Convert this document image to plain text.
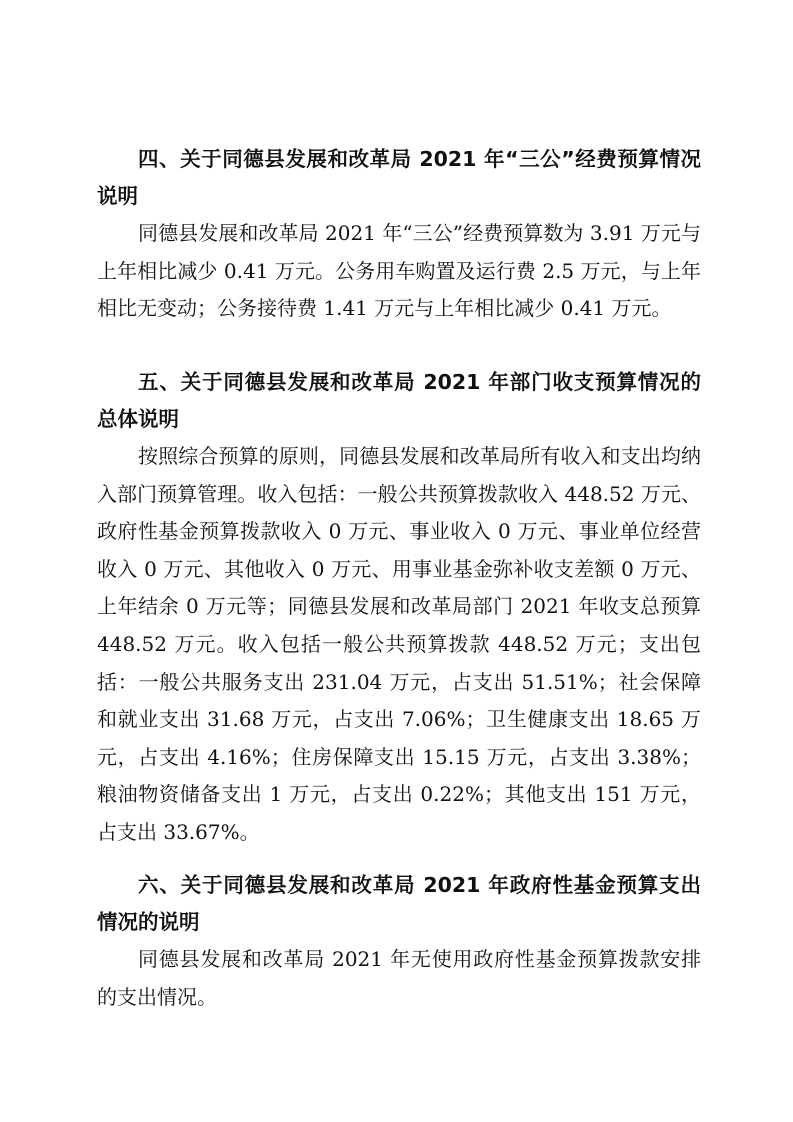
四、关于同德县发展和改革局 2021 年“三公”经费预算情况说明

同德县发展和改革局 2021 年“三公”经费预算数为 3.91 万元与上年相比减少 0.41 万元。公务用车购置及运行费 2.5 万元，与上年相比无变动；公务接待费 1.41 万元与上年相比减少 0.41 万元。

五、关于同德县发展和改革局 2021 年部门收支预算情况的总体说明

按照综合预算的原则，同德县发展和改革局所有收入和支出均纳入部门预算管理。收入包括：一般公共预算拨款收入 448.52 万元、政府性基金预算拨款收入 0 万元、事业收入 0 万元、事业单位经营收入 0 万元、其他收入 0 万元、用事业基金弥补收支差额 0 万元、上年结余 0 万元等；同德县发展和改革局部门 2021 年收支总预算 448.52 万元。收入包括一般公共预算拨款 448.52 万元；支出包括：一般公共服务支出 231.04 万元，占支出 51.51%；社会保障和就业支出 31.68 万元，占支出 7.06%；卫生健康支出 18.65 万元，占支出 4.16%；住房保障支出 15.15 万元，占支出 3.38%；粮油物资储备支出 1 万元，占支出 0.22%；其他支出 151 万元，占支出 33.67%。

六、关于同德县发展和改革局 2021 年政府性基金预算支出情况的说明

同德县发展和改革局 2021 年无使用政府性基金预算拨款安排的支出情况。
